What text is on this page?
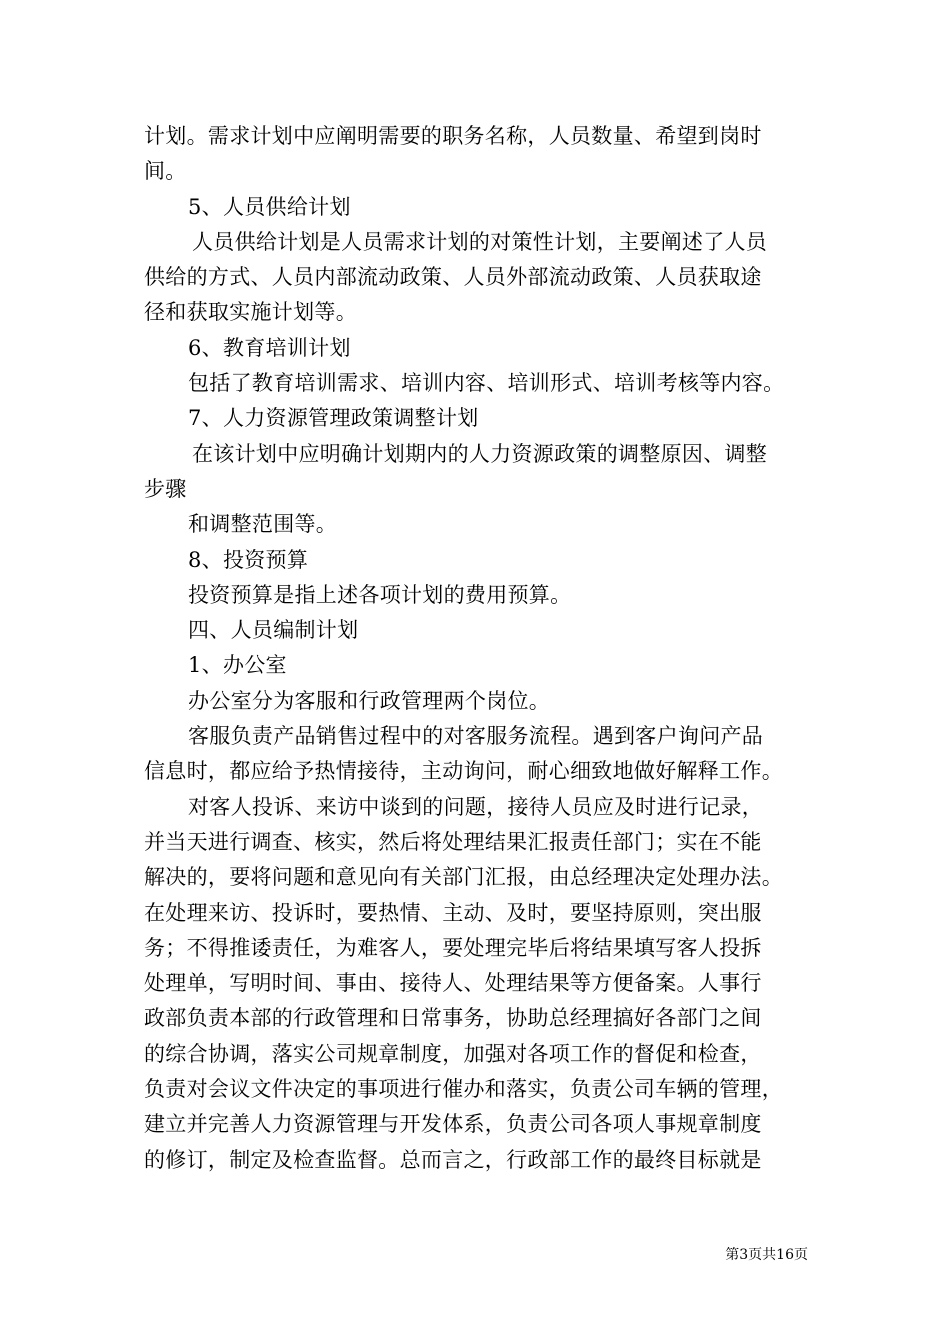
计划。需求计划中应阐明需要的职务名称，人员数量、希望到岗时
间。
5、人员供给计划
人员供给计划是人员需求计划的对策性计划，主要阐述了人员
供给的方式、人员内部流动政策、人员外部流动政策、人员获取途
径和获取实施计划等。
6、教育培训计划
包括了教育培训需求、培训内容、培训形式、培训考核等内容。
7、人力资源管理政策调整计划
在该计划中应明确计划期内的人力资源政策的调整原因、调整
步骤
和调整范围等。
8、投资预算
投资预算是指上述各项计划的费用预算。
四、人员编制计划
1、办公室
办公室分为客服和行政管理两个岗位。
客服负责产品销售过程中的对客服务流程。遇到客户询问产品
信息时，都应给予热情接待，主动询问，耐心细致地做好解释工作。
对客人投诉、来访中谈到的问题，接待人员应及时进行记录，
并当天进行调查、核实，然后将处理结果汇报责任部门；实在不能
解决的，要将问题和意见向有关部门汇报，由总经理决定处理办法。
在处理来访、投诉时，要热情、主动、及时，要坚持原则，突出服
务；不得推诿责任，为难客人，要处理完毕后将结果填写客人投拆
处理单，写明时间、事由、接待人、处理结果等方便备案。人事行
政部负责本部的行政管理和日常事务，协助总经理搞好各部门之间
的综合协调，落实公司规章制度，加强对各项工作的督促和检查，
负责对会议文件决定的事项进行催办和落实，负责公司车辆的管理，
建立并完善人力资源管理与开发体系，负责公司各项人事规章制度
的修订，制定及检查监督。总而言之，行政部工作的最终目标就是
第3页共16页
